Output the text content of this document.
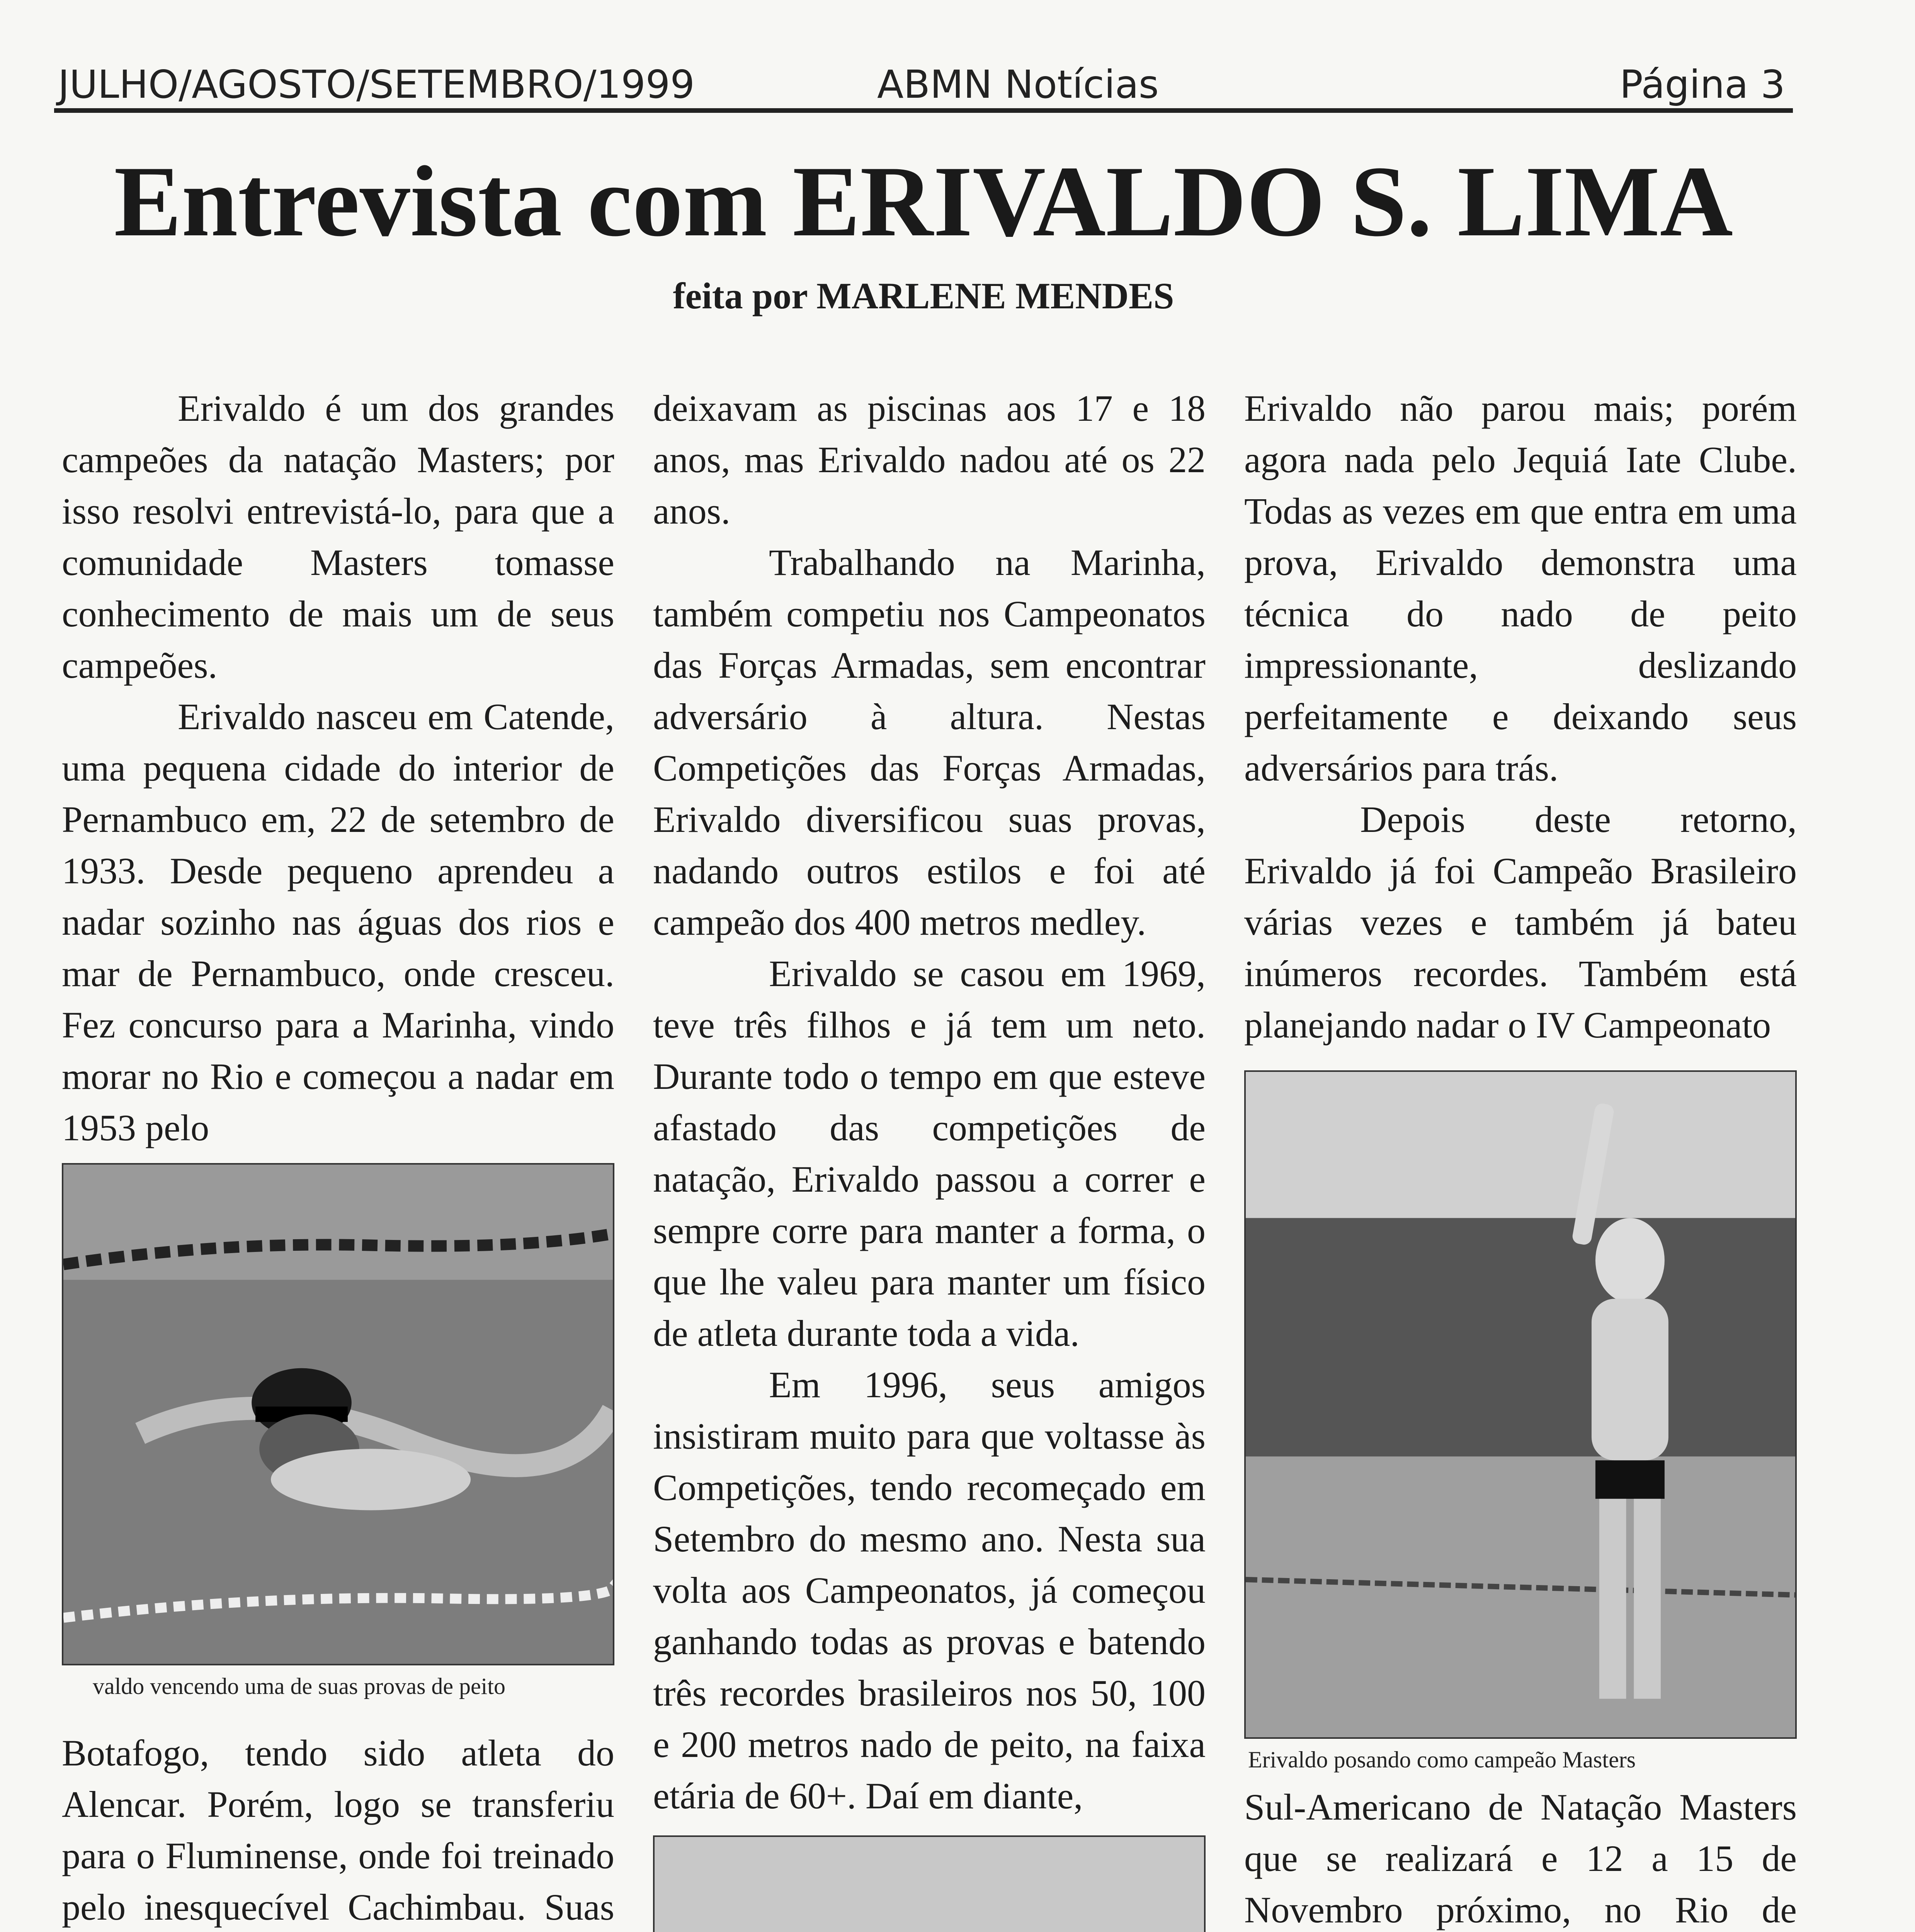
JULHO/AGOSTO/SETEMBRO/1999	ABMN Notícias	Página 3
Entrevista com ERIVALDO S. LIMA
feita por MARLENE MENDES

Erivaldo é um dos grandes campeões da natação Masters; por isso resolvi entrevistá-lo, para que a comunidade Masters tomasse conhecimento de mais um de seus campeões.

Erivaldo nasceu em Catende, uma pequena cidade do interior de Pernambuco em, 22 de setembro de 1933. Desde pequeno aprendeu a nadar sozinho nas águas dos rios e mar de Pernambuco, onde cresceu. Fez concurso para a Marinha, vindo morar no Rio e começou a nadar em 1953 pelo

valdo vencendo uma de suas provas de peito

Botafogo, tendo sido atleta do Alencar. Porém, logo se transferiu para o Fluminense, onde foi treinado pelo inesquecível Cachimbau. Suas

deixavam as piscinas aos 17 e 18 anos, mas Erivaldo nadou até os 22 anos.

Trabalhando na Marinha, também competiu nos Campeonatos das Forças Armadas, sem encontrar adversário à altura. Nestas Competições das Forças Armadas, Erivaldo diversificou suas provas, nadando outros estilos e foi até campeão dos 400 metros medley.

Erivaldo se casou em 1969, teve três filhos e já tem um neto. Durante todo o tempo em que esteve afastado das competições de natação, Erivaldo passou a correr e sempre corre para manter a forma, o que lhe valeu para manter um físico de atleta durante toda a vida.

Em 1996, seus amigos insistiram muito para que voltasse às Competições, tendo recomeçado em Setembro do mesmo ano. Nesta sua volta aos Campeonatos, já começou ganhando todas as provas e batendo três recordes brasileiros nos 50, 100 e 200 metros nado de peito, na faixa etária de 60+. Daí em diante,

Erivaldo não parou mais; porém agora nada pelo Jequiá Iate Clube. Todas as vezes em que entra em uma prova, Erivaldo demonstra uma técnica do nado de peito impressionante, deslizando perfeitamente e deixando seus adversários para trás.

Depois deste retorno, Erivaldo já foi Campeão Brasileiro várias vezes e também já bateu inúmeros recordes. Também está planejando nadar o IV Campeonato

Erivaldo posando como campeão Masters

Sul-Americano de Natação Masters que se realizará e 12 a 15 de Novembro próximo, no Rio de
